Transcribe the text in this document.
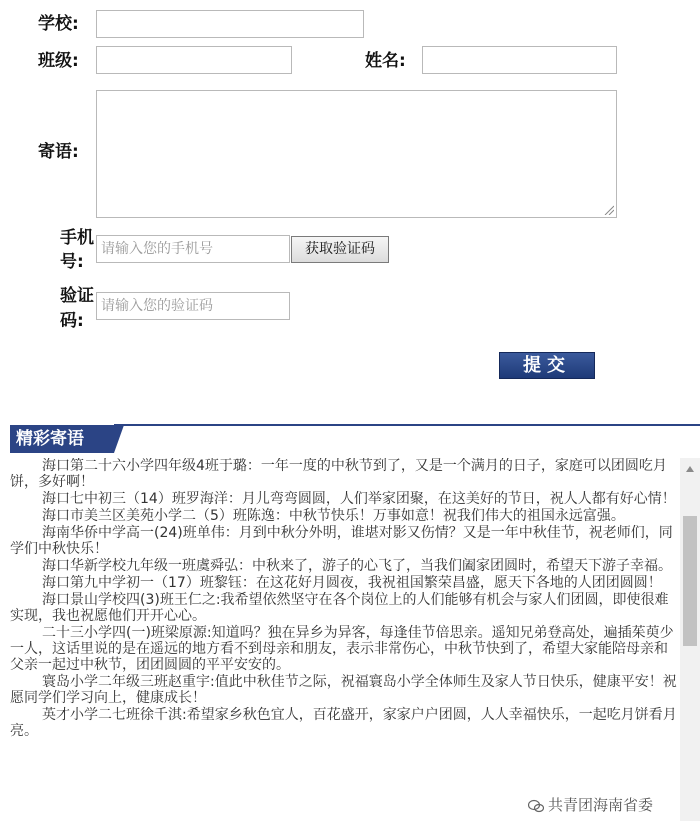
学校:
班级:	姓名:
寄语:
手机
号:
请输入您的手机号	获取验证码
验证
码:
请输入您的验证码
提交
精彩寄语

海口第二十六小学四年级4班于璐：一年一度的中秋节到了，又是一个满月的日子，家庭可以团圆吃月饼，多好啊！

海口七中初三（14）班罗海洋：月儿弯弯圆圆，人们举家团聚，在这美好的节日，祝人人都有好心情！

海口市美兰区美苑小学二（5）班陈逸：中秋节快乐！万事如意！祝我们伟大的祖国永远富强。

海南华侨中学高一(24)班单伟：月到中秋分外明，谁堪对影又伤情？又是一年中秋佳节，祝老师们，同学们中秋快乐！

海口华新学校九年级一班虞舜弘：中秋来了，游子的心飞了，当我们阖家团圆时，希望天下游子幸福。

海口第九中学初一（17）班黎钰：在这花好月圆夜，我祝祖国繁荣昌盛，愿天下各地的人团团圆圆！

海口景山学校四(3)班王仁之:我希望依然坚守在各个岗位上的人们能够有机会与家人们团圆，即使很难实现，我也祝愿他们开开心心。

二十三小学四(一)班梁原源:知道吗？独在异乡为异客，每逢佳节倍思亲。遥知兄弟登高处，遍插茱萸少一人，这话里说的是在遥远的地方看不到母亲和朋友，表示非常伤心，中秋节快到了，希望大家能陪母亲和父亲一起过中秋节，团团圆圆的平平安安的。

寰岛小学二年级三班赵重宇:值此中秋佳节之际，祝福寰岛小学全体师生及家人节日快乐，健康平安！祝愿同学们学习向上，健康成长！

英才小学二七班徐千淇:希望家乡秋色宜人，百花盛开，家家户户团圆，人人幸福快乐，一起吃月饼看月亮。

共青团海南省委
